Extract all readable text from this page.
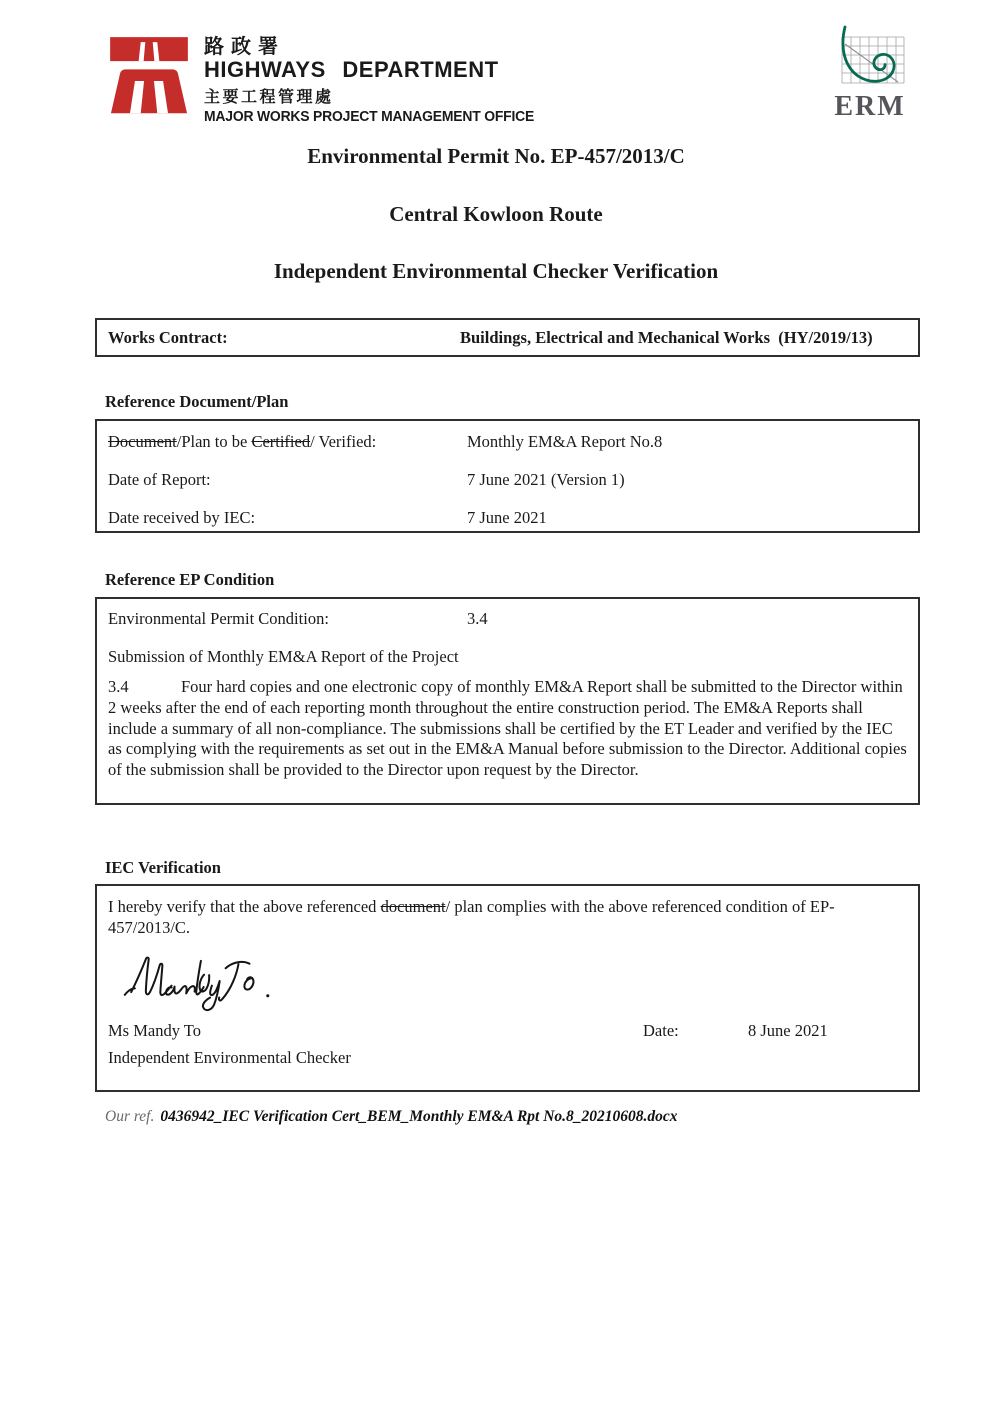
路政署
HIGHWAYS DEPARTMENT
主要工程管理處
MAJOR WORKS PROJECT MANAGEMENT OFFICE	ERM
Environmental Permit No. EP-457/2013/C
Central Kowloon Route
Independent Environmental Checker Verification
Works Contract:	Buildings, Electrical and Mechanical Works  (HY/2019/13)
Reference Document/Plan
Document/Plan to be Certified/ Verified:	Monthly EM&A Report No.8
Date of Report:	7 June 2021 (Version 1)
Date received by IEC:	7 June 2021
Reference EP Condition
Environmental Permit Condition:	3.4
Submission of Monthly EM&A Report of the Project
3.4	Four hard copies and one electronic copy of monthly EM&A Report shall be submitted to the Director within 2 weeks after the end of each reporting month throughout the entire construction period. The EM&A Reports shall include a summary of all non-compliance. The submissions shall be certified by the ET Leader and verified by the IEC as complying with the requirements as set out in the EM&A Manual before submission to the Director. Additional copies of the submission shall be provided to the Director upon request by the Director.
IEC Verification
I hereby verify that the above referenced document/ plan complies with the above referenced condition of EP-457/2013/C.
Ms Mandy To	Date:	8 June 2021
Independent Environmental Checker
Our ref. 0436942_IEC Verification Cert_BEM_Monthly EM&A Rpt No.8_20210608.docx
